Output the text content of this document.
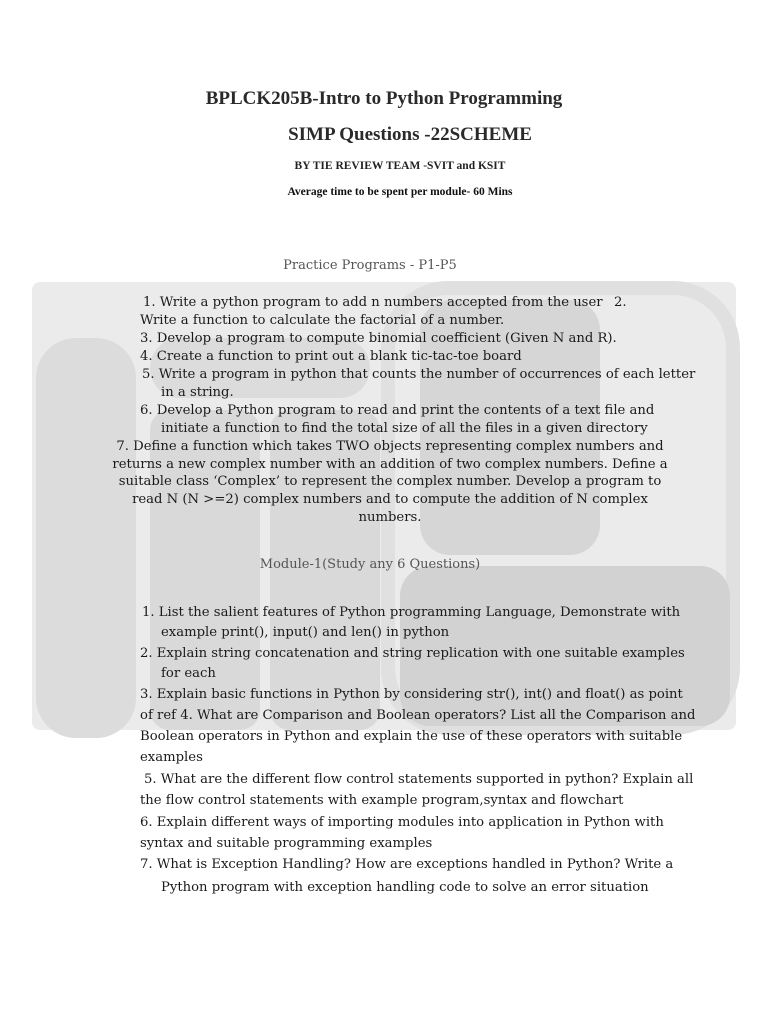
BPLCK205B-Intro to Python Programming
SIMP Questions -22SCHEME
BY TIE REVIEW TEAM -SVIT and KSIT
Average time to be spent per module- 60 Mins
Practice Programs - P1-P5
1. Write a python program to add n numbers accepted from the user 2.
Write a function to calculate the factorial of a number.
3. Develop a program to compute binomial coefficient (Given N and R).
4. Create a function to print out a blank tic-tac-toe board
5. Write a program in python that counts the number of occurrences of each letter
in a string.
6. Develop a Python program to read and print the contents of a text file and
initiate a function to find the total size of all the files in a given directory
7. Define a function which takes TWO objects representing complex numbers and
returns a new complex number with an addition of two complex numbers. Define a
suitable class ‘Complex’ to represent the complex number. Develop a program to
read N (N >=2) complex numbers and to compute the addition of N complex
numbers.
Module-1(Study any 6 Questions)
1. List the salient features of Python programming Language, Demonstrate with
example print(), input() and len() in python
2. Explain string concatenation and string replication with one suitable examples
for each
3. Explain basic functions in Python by considering str(), int() and float() as point
of ref 4. What are Comparison and Boolean operators? List all the Comparison and
Boolean operators in Python and explain the use of these operators with suitable
examples
5. What are the different flow control statements supported in python? Explain all
the flow control statements with example program,syntax and flowchart
6. Explain different ways of importing modules into application in Python with
syntax and suitable programming examples
7. What is Exception Handling? How are exceptions handled in Python? Write a
Python program with exception handling code to solve an error situation
